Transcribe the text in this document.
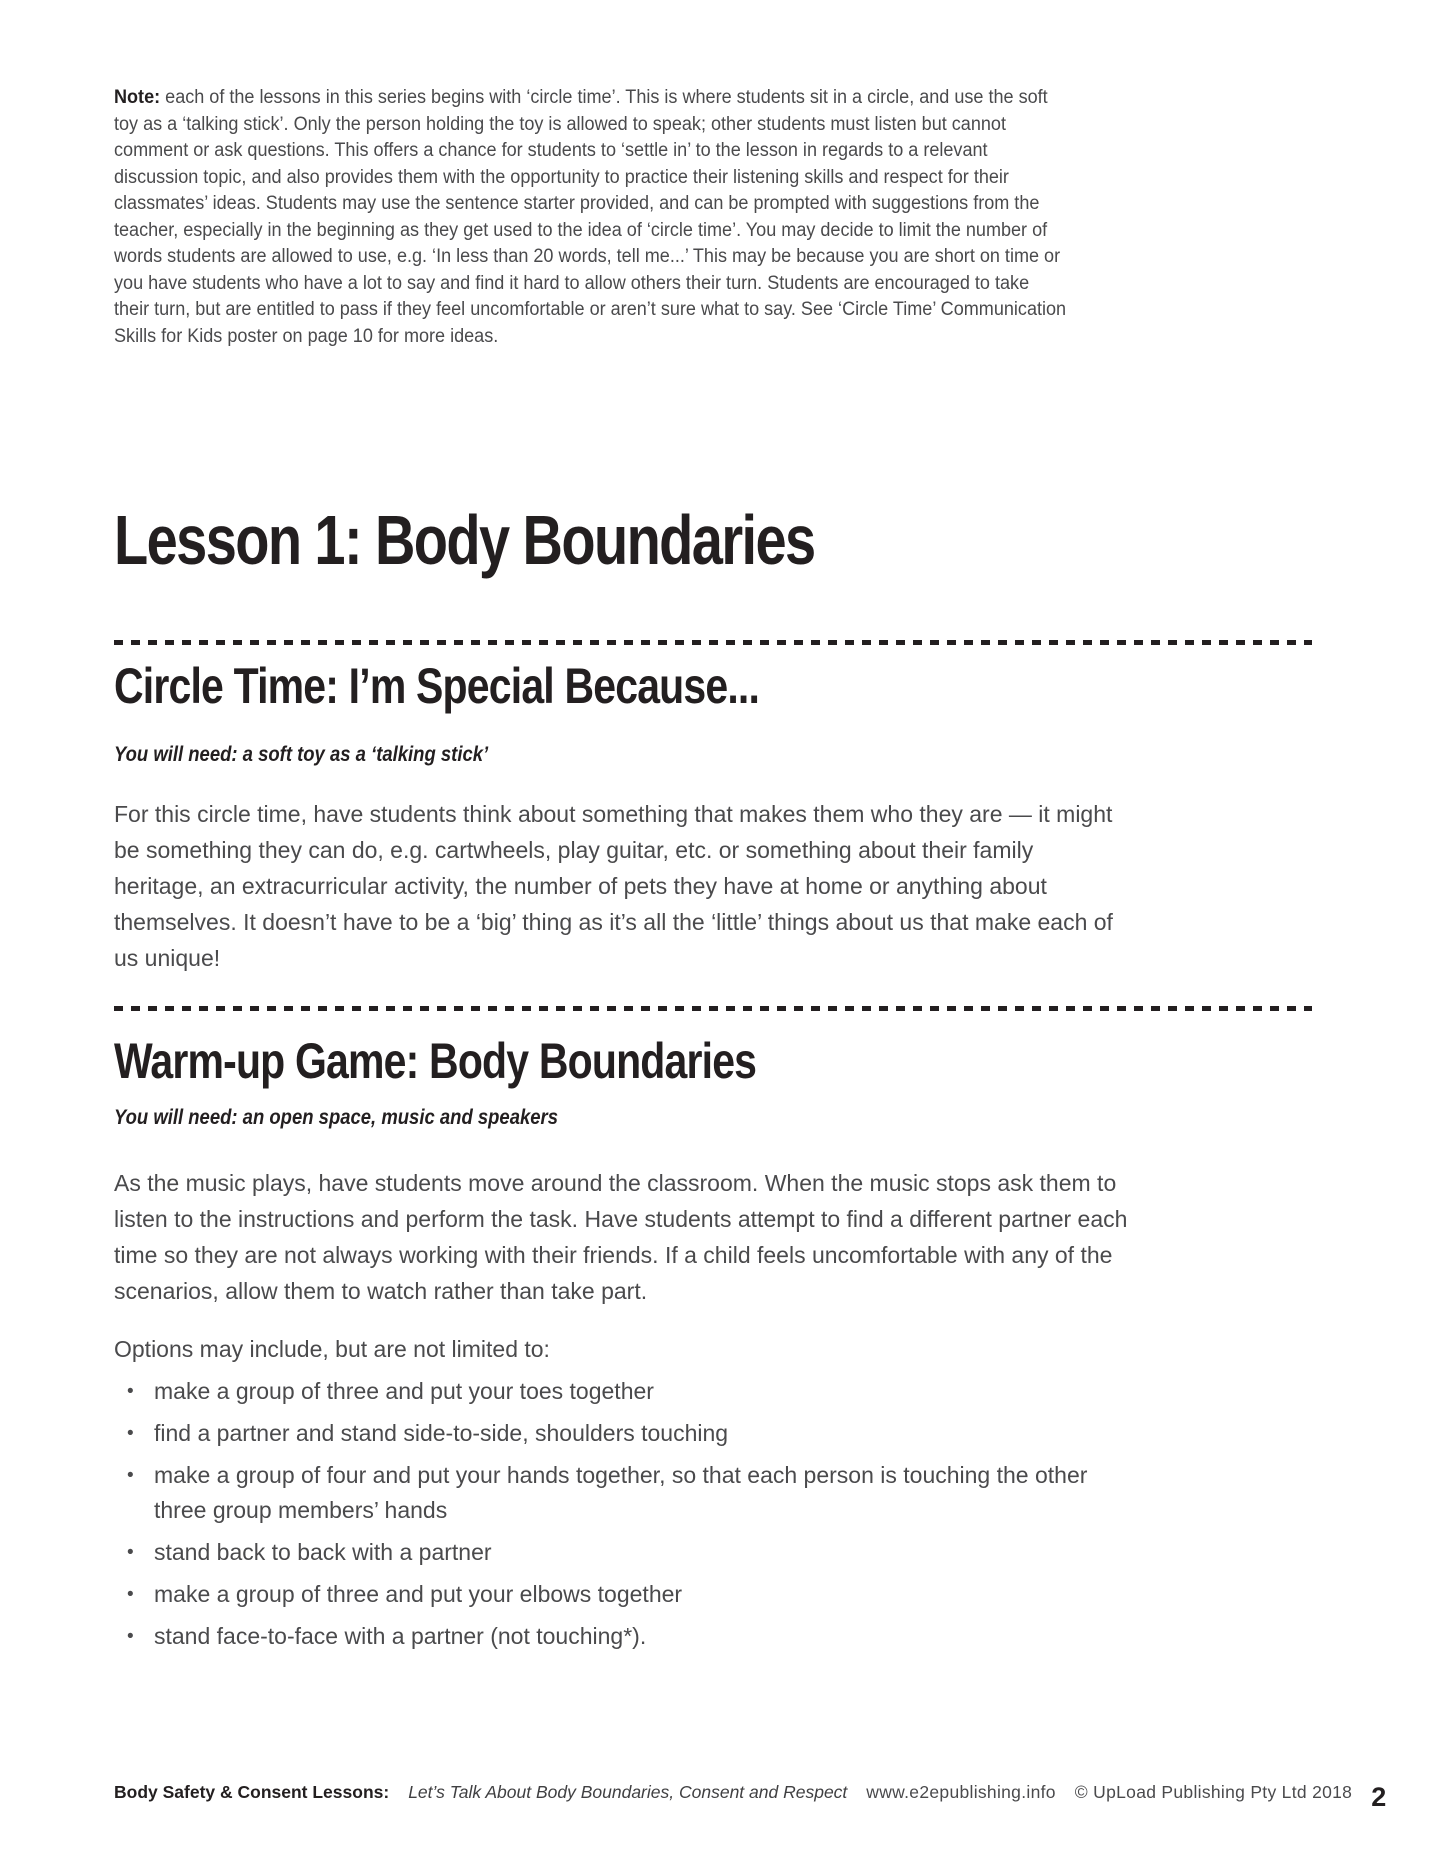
Note: each of the lessons in this series begins with ‘circle time’. This is where students sit in a circle, and use the soft toy as a ‘talking stick’. Only the person holding the toy is allowed to speak; other students must listen but cannot comment or ask questions. This offers a chance for students to ‘settle in’ to the lesson in regards to a relevant discussion topic, and also provides them with the opportunity to practice their listening skills and respect for their classmates’ ideas. Students may use the sentence starter provided, and can be prompted with suggestions from the teacher, especially in the beginning as they get used to the idea of ‘circle time’. You may decide to limit the number of words students are allowed to use, e.g. ‘In less than 20 words, tell me...’ This may be because you are short on time or you have students who have a lot to say and find it hard to allow others their turn. Students are encouraged to take their turn, but are entitled to pass if they feel uncomfortable or aren’t sure what to say. See ‘Circle Time’ Communication Skills for Kids poster on page 10 for more ideas.

Lesson 1: Body Boundaries
Circle Time: I’m Special Because...

You will need: a soft toy as a ‘talking stick’

For this circle time, have students think about something that makes them who they are — it might be something they can do, e.g. cartwheels, play guitar, etc. or something about their family heritage, an extracurricular activity, the number of pets they have at home or anything about themselves. It doesn’t have to be a ‘big’ thing as it’s all the ‘little’ things about us that make each of us unique!

Warm-up Game: Body Boundaries

You will need: an open space, music and speakers

As the music plays, have students move around the classroom. When the music stops ask them to listen to the instructions and perform the task. Have students attempt to find a different partner each time so they are not always working with their friends. If a child feels uncomfortable with any of the scenarios, allow them to watch rather than take part.

Options may include, but are not limited to:

• make a group of three and put your toes together
• find a partner and stand side-to-side, shoulders touching
• make a group of four and put your hands together, so that each person is touching the other three group members’ hands
• stand back to back with a partner
• make a group of three and put your elbows together
• stand face-to-face with a partner (not touching*).
Body Safety & Consent Lessons: Let’s Talk About Body Boundaries, Consent and Respect www.e2epublishing.info © UpLoad Publishing Pty Ltd 2018 2
